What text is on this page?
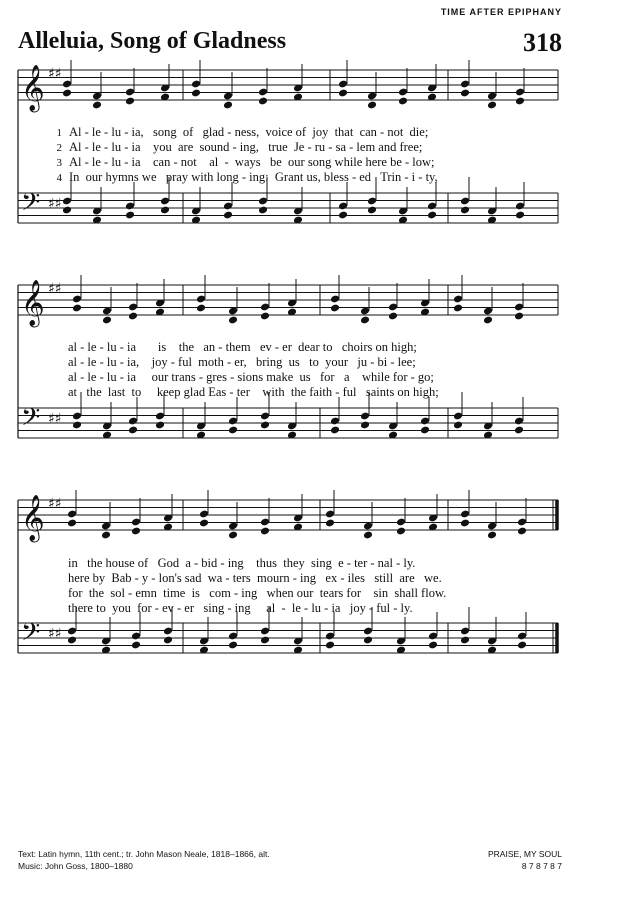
TIME AFTER EPIPHANY
Alleluia, Song of Gladness	318
𝄞 ♯♯
𝄢 ♯♯
𝄞 ♯♯
𝄢 ♯♯
𝄞 ♯♯
𝄢 ♯♯
1 Al - le - lu - ia,   song  of   glad - ness,  voice of  joy  that  can - not  die;
2 Al - le - lu - ia    you  are  sound - ing,   true  Je - ru - sa - lem and free;
3 Al - le - lu - ia    can - not    al  -  ways   be  our song while here be - low;
4 In  our hymns we   pray with long - ing:  Grant us, bless - ed   Trin - i - ty,
al - le - lu - ia       is    the   an - them   ev - er  dear to   choirs on high;
al - le - lu - ia,    joy - ful  moth - er,   bring  us   to  your   ju - bi - lee;
al - le - lu - ia     our trans - gres - sions make  us   for   a    while for - go;
at   the  last  to     keep glad Eas - ter    with  the faith - ful   saints on high;
in   the house of   God  a - bid - ing    thus  they  sing  e - ter - nal - ly.
here by  Bab - y - lon's sad  wa - ters  mourn - ing   ex - iles   still  are   we.
for  the  sol - emn  time  is   com - ing   when our  tears for    sin  shall flow.
there to  you  for - ev - er   sing - ing     al  -  le - lu - ia   joy - ful - ly.
Text: Latin hymn, 11th cent.; tr. John Mason Neale, 1818–1866, alt.
Music: John Goss, 1800–1880
PRAISE, MY SOUL
8 7 8 7 8 7
